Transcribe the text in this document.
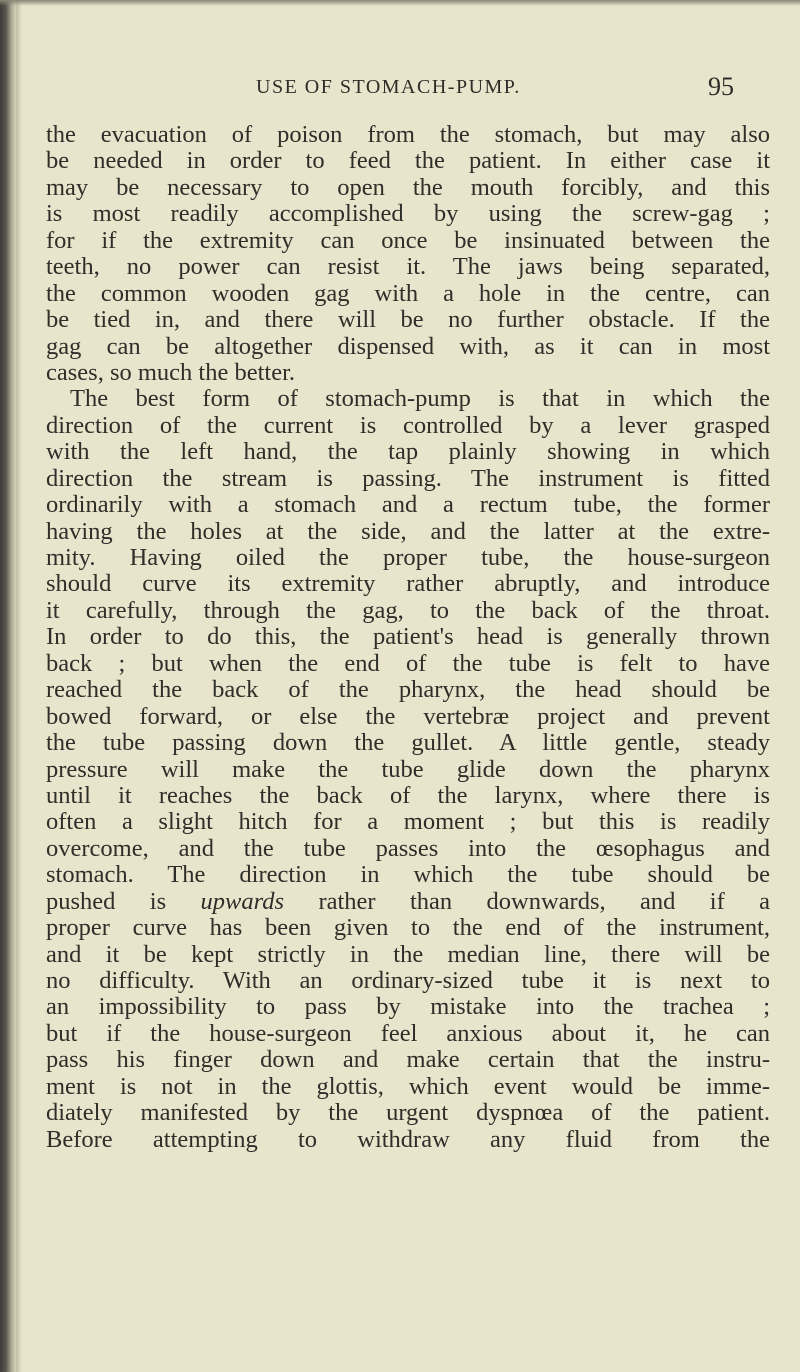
USE OF STOMACH-PUMP.	95
the evacuation of poison from the stomach, but may also
be needed in order to feed the patient. In either case it
may be necessary to open the mouth forcibly, and this
is most readily accomplished by using the screw-gag ;
for if the extremity can once be insinuated between the
teeth, no power can resist it. The jaws being separated,
the common wooden gag with a hole in the centre, can
be tied in, and there will be no further obstacle. If the
gag can be altogether dispensed with, as it can in most
cases, so much the better.
The best form of stomach-pump is that in which the
direction of the current is controlled by a lever grasped
with the left hand, the tap plainly showing in which
direction the stream is passing. The instrument is fitted
ordinarily with a stomach and a rectum tube, the former
having the holes at the side, and the latter at the extre-
mity. Having oiled the proper tube, the house-surgeon
should curve its extremity rather abruptly, and introduce
it carefully, through the gag, to the back of the throat.
In order to do this, the patient's head is generally thrown
back ; but when the end of the tube is felt to have
reached the back of the pharynx, the head should be
bowed forward, or else the vertebræ project and prevent
the tube passing down the gullet. A little gentle, steady
pressure will make the tube glide down the pharynx
until it reaches the back of the larynx, where there is
often a slight hitch for a moment ; but this is readily
overcome, and the tube passes into the œsophagus and
stomach. The direction in which the tube should be
pushed is upwards rather than downwards, and if a
proper curve has been given to the end of the instrument,
and it be kept strictly in the median line, there will be
no difficulty. With an ordinary-sized tube it is next to
an impossibility to pass by mistake into the trachea ;
but if the house-surgeon feel anxious about it, he can
pass his finger down and make certain that the instru-
ment is not in the glottis, which event would be imme-
diately manifested by the urgent dyspnœa of the patient.
Before attempting to withdraw any fluid from the
